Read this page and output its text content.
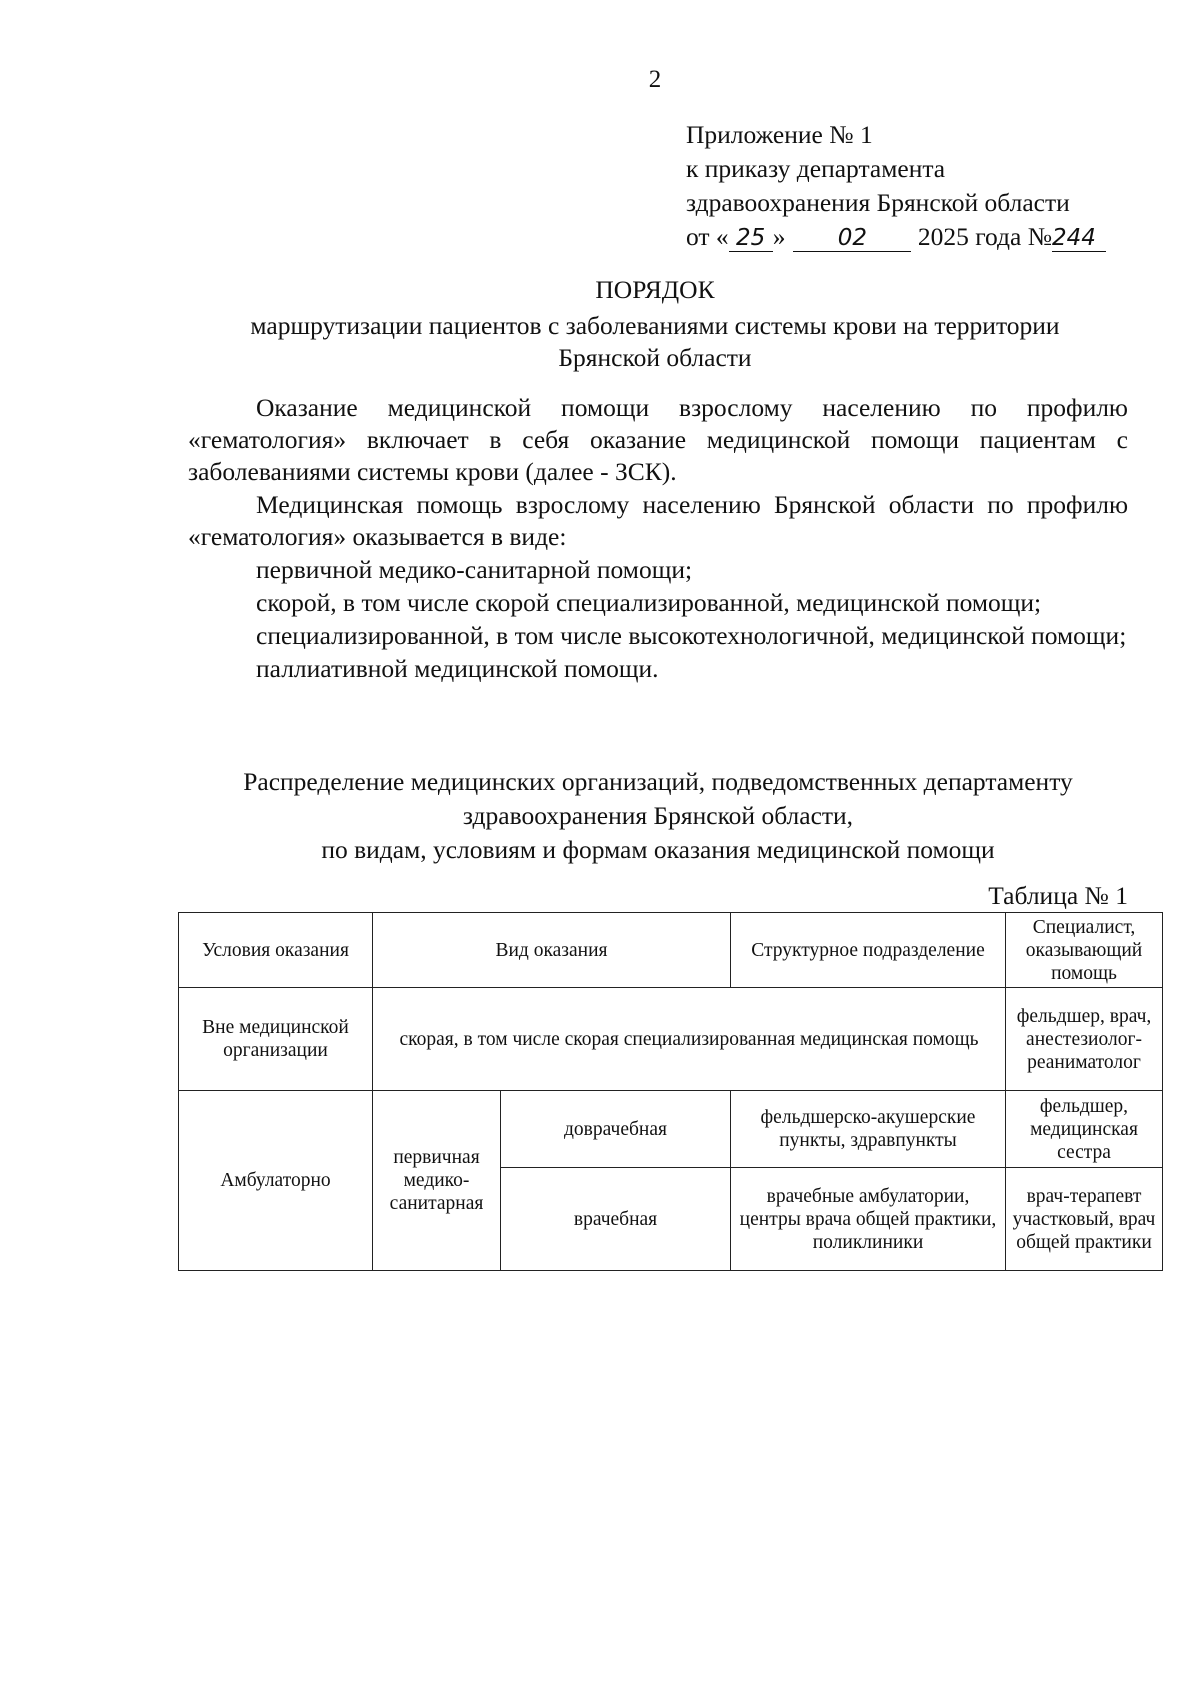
2
Приложение № 1
к приказу департамента
здравоохранения Брянской области
от « 25 » 02 2025 года №244
ПОРЯДОК
маршрутизации пациентов с заболеваниями системы крови на территории
Брянской области

Оказание медицинской помощи взрослому населению по профилю «гематология» включает в себя оказание медицинской помощи пациентам с заболеваниями системы крови (далее - ЗСК).

Медицинская помощь взрослому населению Брянской области по профилю «гематология» оказывается в виде:

первичной медико-санитарной помощи;

скорой, в том числе скорой специализированной, медицинской помощи;

специализированной, в том числе высокотехнологичной, медицинской помощи;

паллиативной медицинской помощи.

Распределение медицинских организаций, подведомственных департаменту
здравоохранения Брянской области,
по видам, условиям и формам оказания медицинской помощи
Таблица № 1
Условия оказания	Вид оказания		Структурное подразделение	Специалист, оказывающий помощь
Вне медицинской организации	скорая, в том числе скорая специализированная медицинская помощь			фельдшер, врач, анестезиолог-реаниматолог
Амбулаторно	первичная медико-санитарная	доврачебная	фельдшерско-акушерские пункты, здравпункты	фельдшер, медицинская сестра
		врачебная	врачебные амбулатории, центры врача общей практики, поликлиники	врач-терапевт участковый, врач общей практики
